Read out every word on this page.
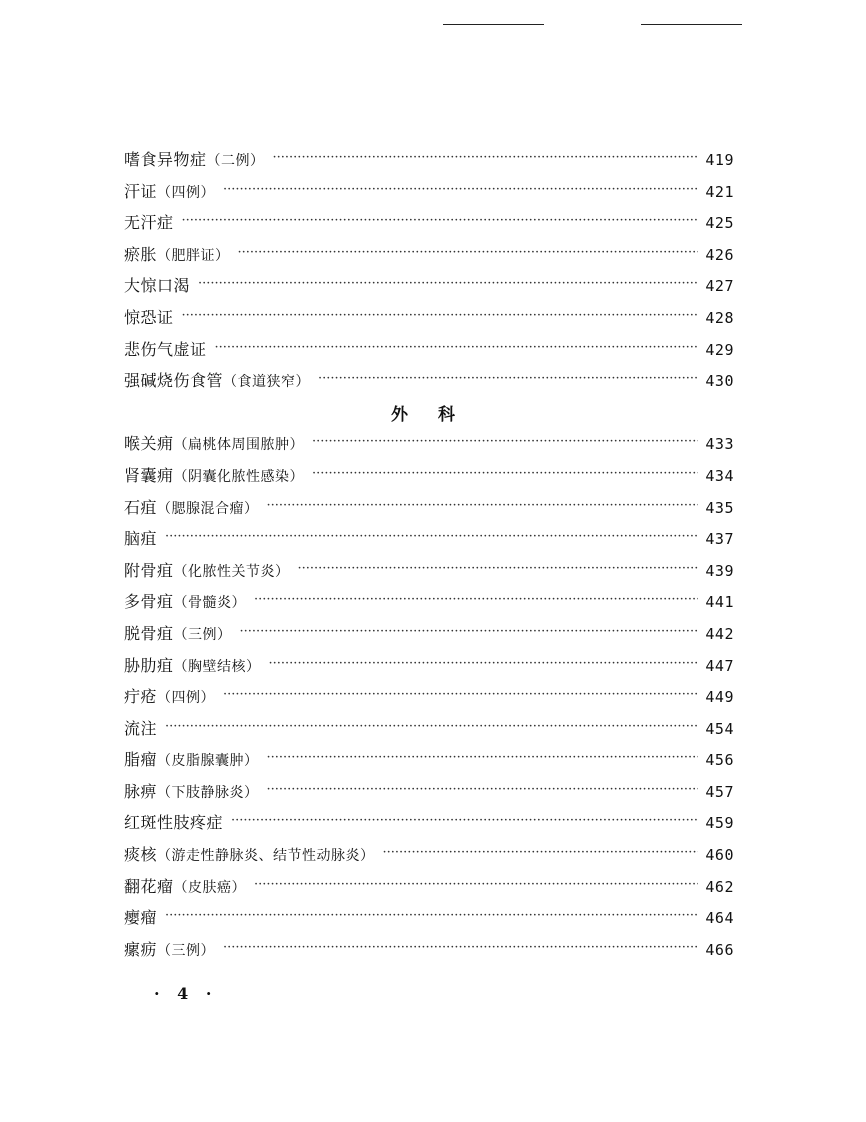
嗜食异物症（二例） ·····	419
汗证（四例） ·····	421
无汗症 ·····	425
瘀胀（肥胖证） ·····	426
大惊口渴 ·····	427
惊恐证 ·····	428
悲伤气虚证 ·····	429
强碱烧伤食管（食道狭窄） ·····	430
外科
喉关痈（扁桃体周围脓肿） ·····	433
肾囊痈（阴囊化脓性感染） ·····	434
石疽（腮腺混合瘤） ·····	435
脑疽 ·····	437
附骨疽（化脓性关节炎） ·····	439
多骨疽（骨髓炎） ·····	441
脱骨疽（三例） ·····	442
胁肋疽（胸壁结核） ·····	447
疔疮（四例） ·····	449
流注 ·····	454
脂瘤（皮脂腺囊肿） ·····	456
脉痹（下肢静脉炎） ·····	457
红斑性肢疼症 ·····	459
痰核（游走性静脉炎、结节性动脉炎） ·····	460
翻花瘤（皮肤癌） ·····	462
瘿瘤 ·····	464
瘰疬（三例） ·····	466
· 4 ·
